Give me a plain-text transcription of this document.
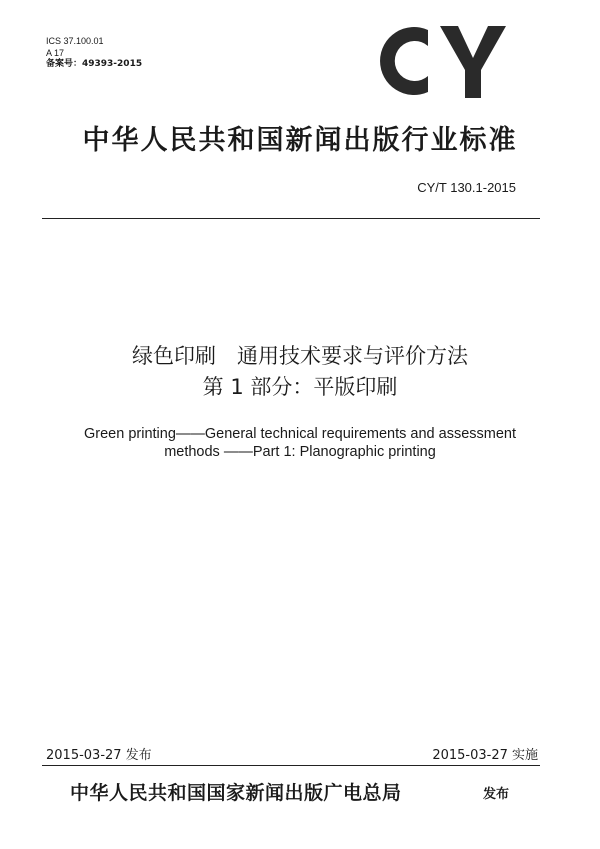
ICS 37.100.01
A 17
备案号：49393-2015
中华人民共和国新闻出版行业标准
CY/T 130.1-2015
绿色印刷　通用技术要求与评价方法
第 1 部分：平版印刷
Green printing——General technical requirements and assessment
methods ——Part 1: Planographic printing
2015-03-27 发布	2015-03-27 实施
中华人民共和国国家新闻出版广电总局	发布
